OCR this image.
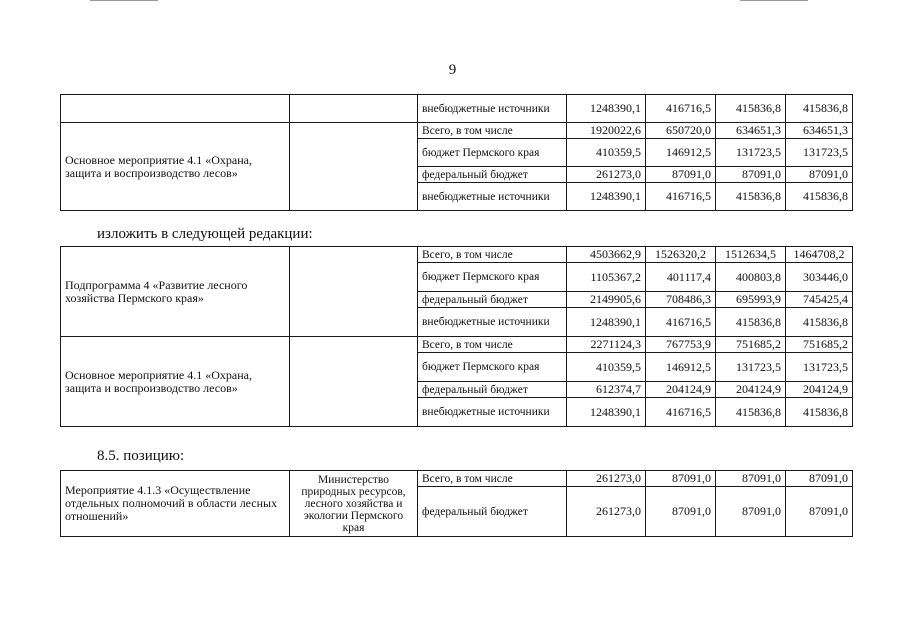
9
		внебюджетные источники	1248390,1	416716,5	415836,8	415836,8
Основное мероприятие 4.1 «Охрана, защита и воспроизводство лесов»		Всего, в том числе	1920022,6	650720,0	634651,3	634651,3
		бюджет Пермского края	410359,5	146912,5	131723,5	131723,5
		федеральный бюджет	261273,0	87091,0	87091,0	87091,0
		внебюджетные источники	1248390,1	416716,5	415836,8	415836,8
изложить в следующей редакции:
Подпрограмма 4 «Развитие лесного хозяйства Пермского края»		Всего, в том числе	4503662,9	1526320,2	1512634,5	1464708,2
		бюджет Пермского края	1105367,2	401117,4	400803,8	303446,0
		федеральный бюджет	2149905,6	708486,3	695993,9	745425,4
		внебюджетные источники	1248390,1	416716,5	415836,8	415836,8
Основное мероприятие 4.1 «Охрана, защита и воспроизводство лесов»		Всего, в том числе	2271124,3	767753,9	751685,2	751685,2
		бюджет Пермского края	410359,5	146912,5	131723,5	131723,5
		федеральный бюджет	612374,7	204124,9	204124,9	204124,9
		внебюджетные источники	1248390,1	416716,5	415836,8	415836,8
8.5. позицию:
Мероприятие 4.1.3 «Осуществление отдельных полномочий в области лесных отношений»	Министерство природных ресурсов, лесного хозяйства и экологии Пермского края	Всего, в том числе	261273,0	87091,0	87091,0	87091,0
		федеральный бюджет	261273,0	87091,0	87091,0	87091,0
